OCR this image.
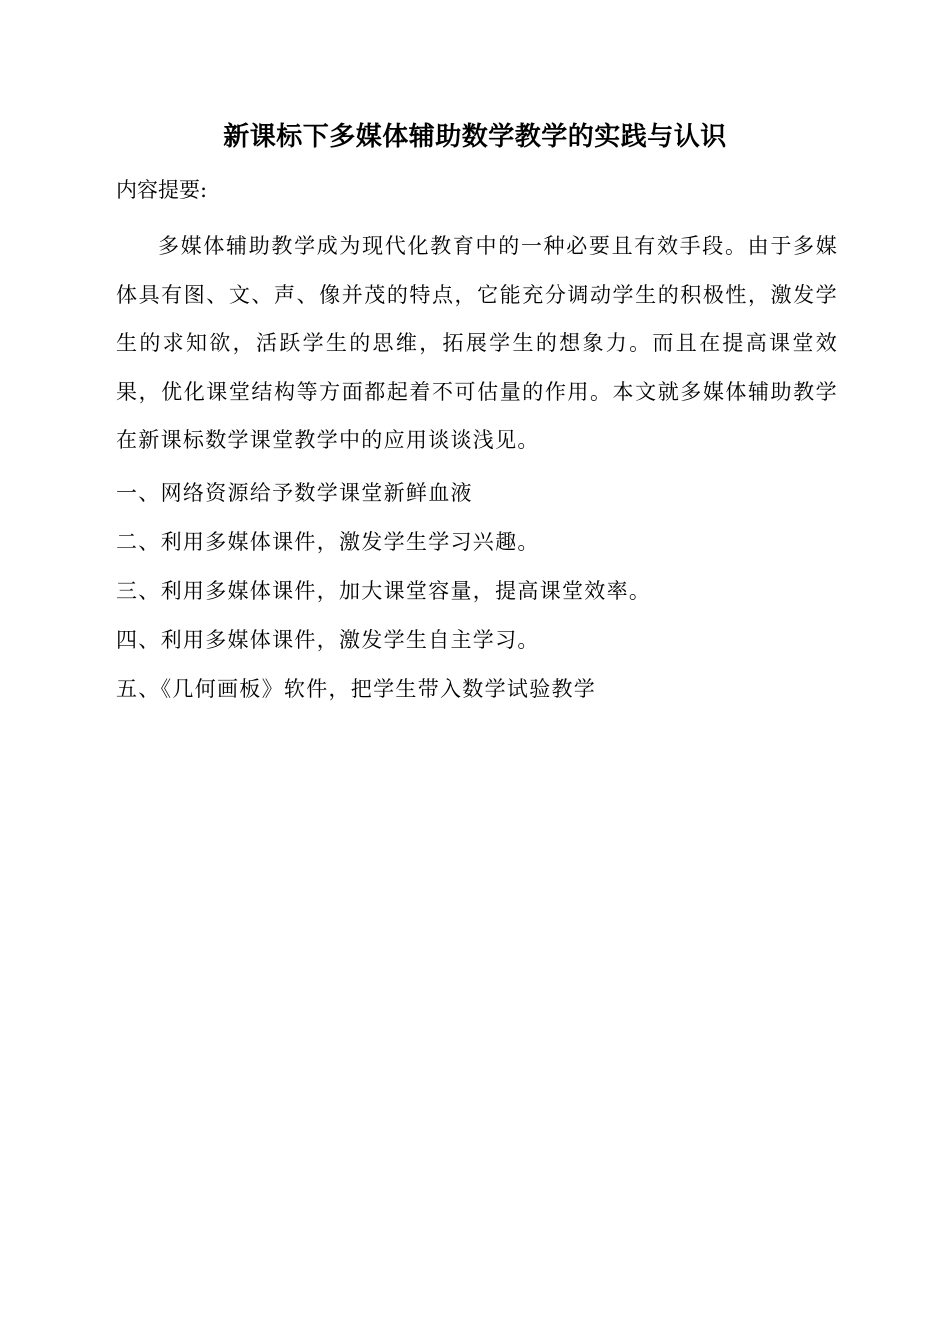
新课标下多媒体辅助数学教学的实践与认识
内容提要:

多媒体辅助教学成为现代化教育中的一种必要且有效手段。由于多媒体具有图、文、声、像并茂的特点，它能充分调动学生的积极性，激发学生的求知欲，活跃学生的思维，拓展学生的想象力。而且在提高课堂效果，优化课堂结构等方面都起着不可估量的作用。本文就多媒体辅助教学在新课标数学课堂教学中的应用谈谈浅见。

一、网络资源给予数学课堂新鲜血液
二、利用多媒体课件，激发学生学习兴趣。
三、利用多媒体课件，加大课堂容量，提高课堂效率。
四、利用多媒体课件，激发学生自主学习。
五、《几何画板》软件，把学生带入数学试验教学
